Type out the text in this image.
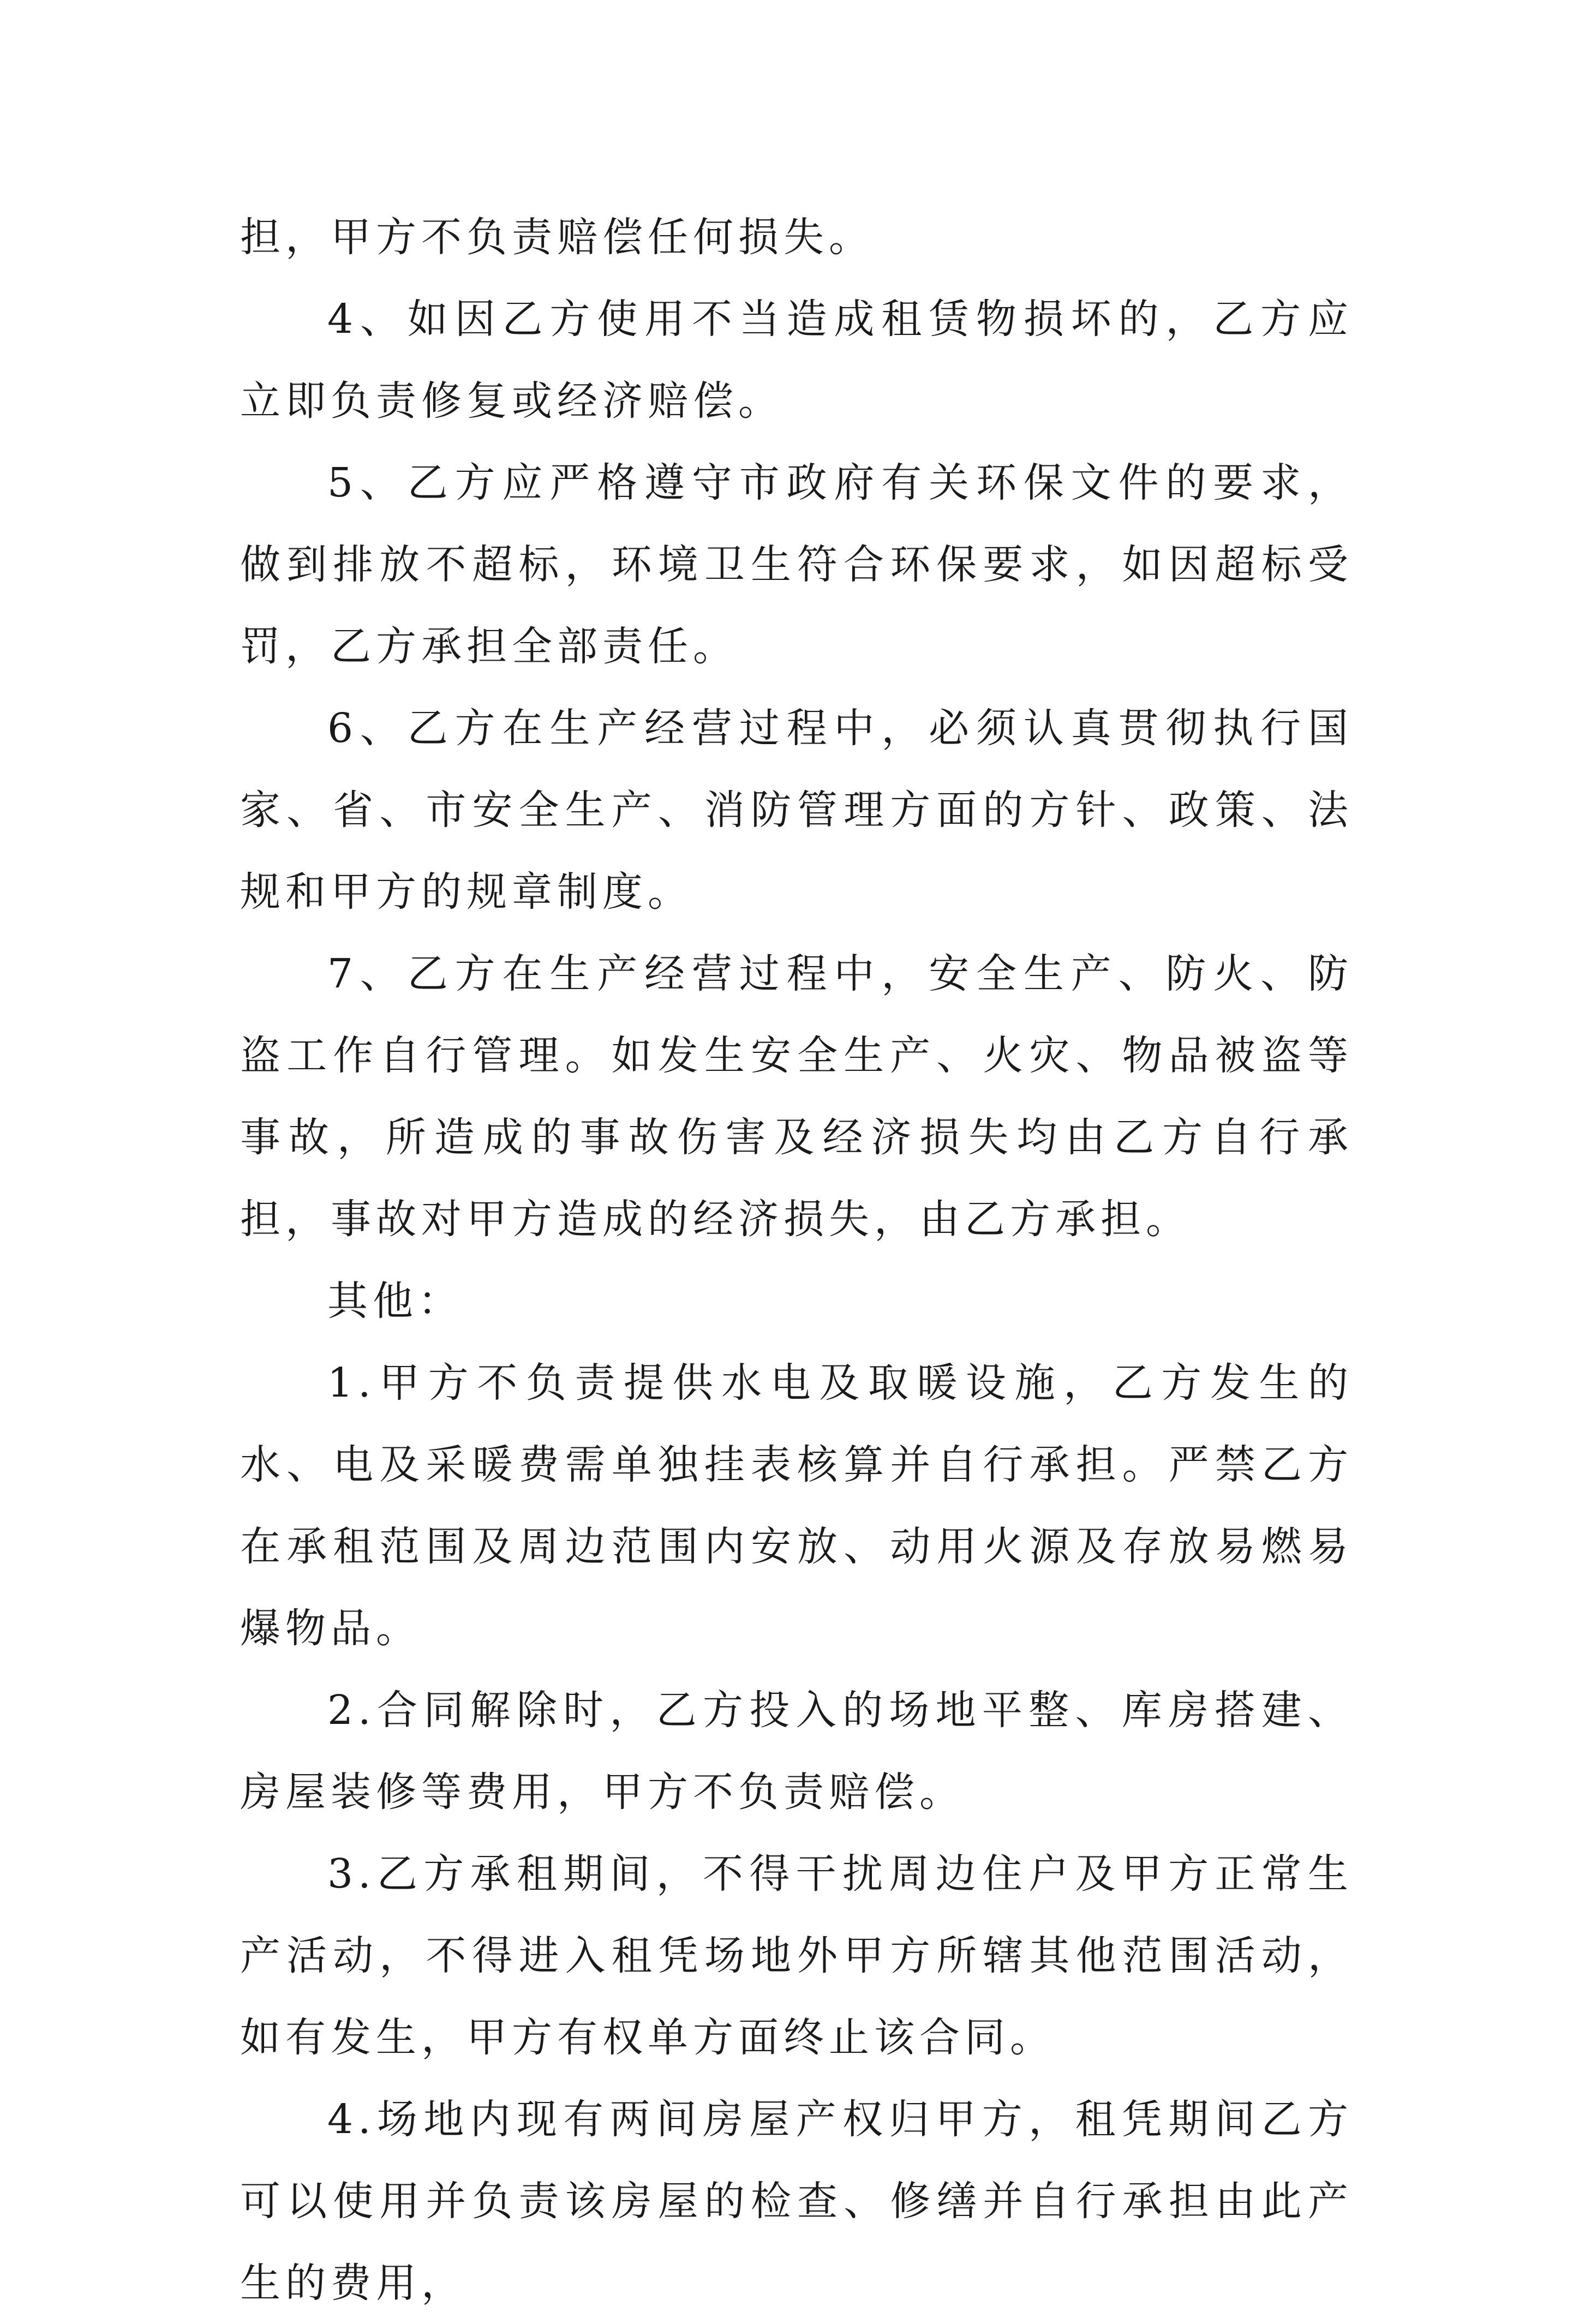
担，甲方不负责赔偿任何损失。

4、如因乙方使用不当造成租赁物损坏的，乙方应立即负责修复或经济赔偿。

5、乙方应严格遵守市政府有关环保文件的要求，做到排放不超标，环境卫生符合环保要求，如因超标受罚，乙方承担全部责任。

6、乙方在生产经营过程中，必须认真贯彻执行国家、省、市安全生产、消防管理方面的方针、政策、法规和甲方的规章制度。

7、乙方在生产经营过程中，安全生产、防火、防盗工作自行管理。如发生安全生产、火灾、物品被盗等事故，所造成的事故伤害及经济损失均由乙方自行承担，事故对甲方造成的经济损失，由乙方承担。

其他：

1.甲方不负责提供水电及取暖设施，乙方发生的水、电及采暖费需单独挂表核算并自行承担。严禁乙方在承租范围及周边范围内安放、动用火源及存放易燃易爆物品。

2.合同解除时，乙方投入的场地平整、库房搭建、房屋装修等费用，甲方不负责赔偿。

3.乙方承租期间，不得干扰周边住户及甲方正常生产活动，不得进入租凭场地外甲方所辖其他范围活动，如有发生，甲方有权单方面终止该合同。

4.场地内现有两间房屋产权归甲方，租凭期间乙方可以使用并负责该房屋的检查、修缮并自行承担由此产生的费用，
